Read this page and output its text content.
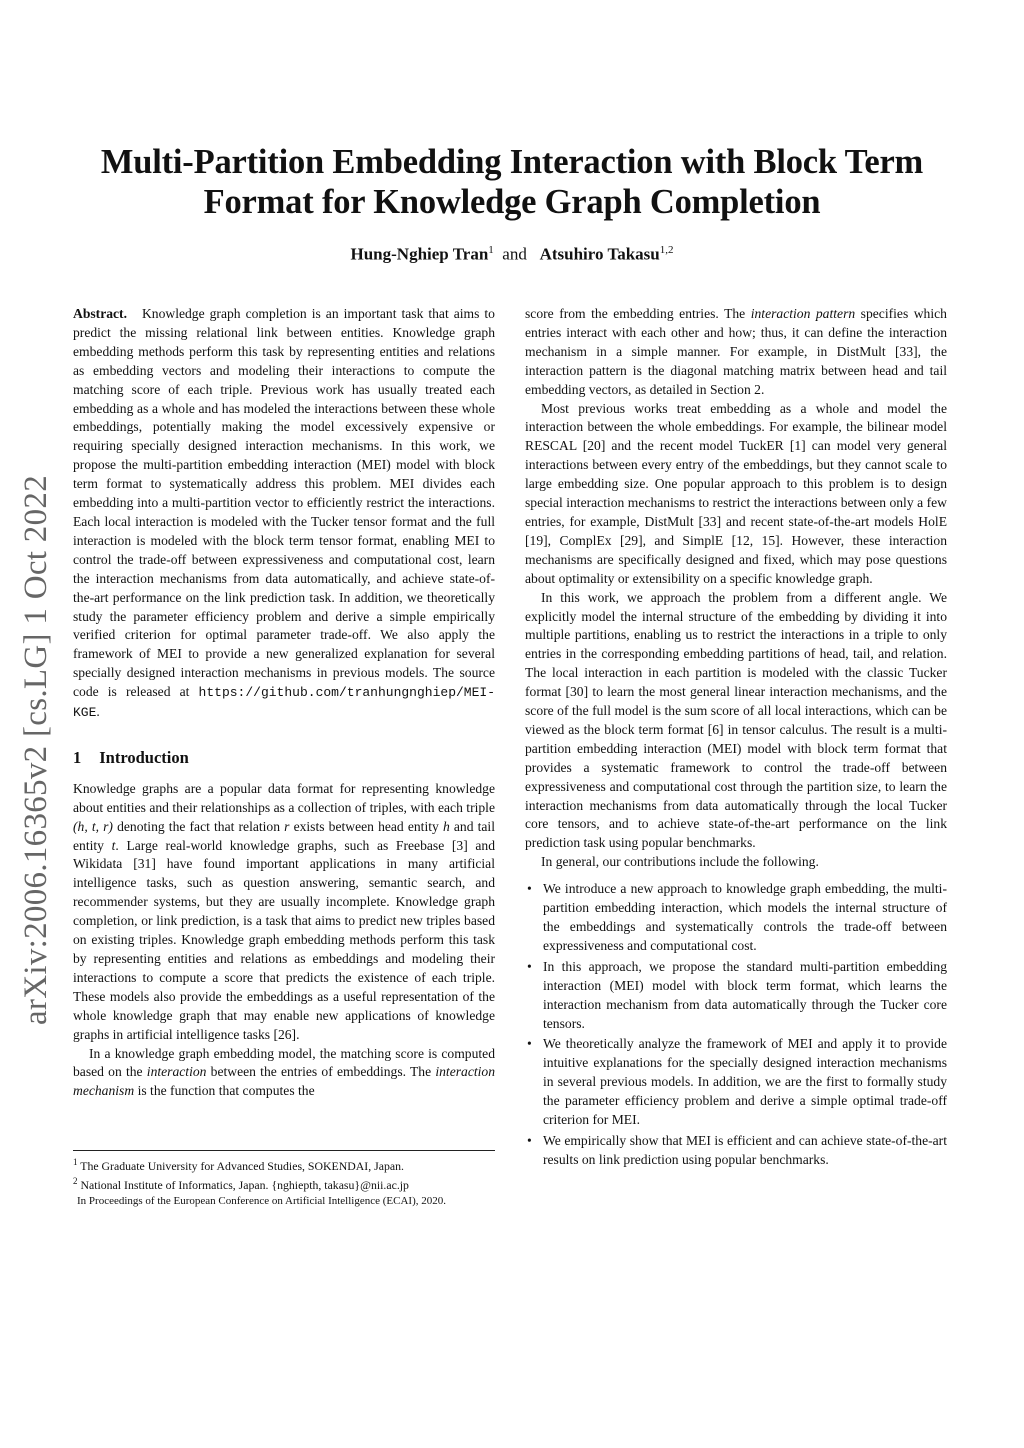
Multi-Partition Embedding Interaction with Block Term
Format for Knowledge Graph Completion
Hung-Nghiep Tran$^1$ and Atsuhiro Takasu$^{1,2}$
arXiv:2006.16365v2 [cs.LG] 1 Oct 2022

Abstract. Knowledge graph completion is an important task that aims to predict the missing relational link between entities. Knowledge graph embedding methods perform this task by representing entities and relations as embedding vectors and modeling their interactions to compute the matching score of each triple. Previous work has usually treated each embedding as a whole and has modeled the interactions between these whole embeddings, potentially making the model excessively expensive or requiring specially designed interaction mechanisms. In this work, we propose the multi-partition embedding interaction (MEI) model with block term format to systematically address this problem. MEI divides each embedding into a multi-partition vector to efficiently restrict the interactions. Each local interaction is modeled with the Tucker tensor format and the full interaction is modeled with the block term tensor format, enabling MEI to control the trade-off between expressiveness and computational cost, learn the interaction mechanisms from data automatically, and achieve state-of-the-art performance on the link prediction task. In addition, we theoretically study the parameter efficiency problem and derive a simple empirically verified criterion for optimal parameter trade-off. We also apply the framework of MEI to provide a new generalized explanation for several specially designed interaction mechanisms in previous models. The source code is released at https://github.com/tranhungnghiep/MEI-KGE.

1 Introduction

Knowledge graphs are a popular data format for representing knowledge about entities and their relationships as a collection of triples, with each triple (h, t, r) denoting the fact that relation r exists between head entity h and tail entity t. Large real-world knowledge graphs, such as Freebase [3] and Wikidata [31] have found important applications in many artificial intelligence tasks, such as question answering, semantic search, and recommender systems, but they are usually incomplete. Knowledge graph completion, or link prediction, is a task that aims to predict new triples based on existing triples. Knowledge graph embedding methods perform this task by representing entities and relations as embeddings and modeling their interactions to compute a score that predicts the existence of each triple. These models also provide the embeddings as a useful representation of the whole knowledge graph that may enable new applications of knowledge graphs in artificial intelligence tasks [26].

In a knowledge graph embedding model, the matching score is computed based on the interaction between the entries of embeddings. The interaction mechanism is the function that computes the

$^1$ The Graduate University for Advanced Studies, SOKENDAI, Japan.
$^2$ National Institute of Informatics, Japan. {nghiepth, takasu}@nii.ac.jp
In Proceedings of the European Conference on Artificial Intelligence (ECAI), 2020.

score from the embedding entries. The interaction pattern specifies which entries interact with each other and how; thus, it can define the interaction mechanism in a simple manner. For example, in DistMult [33], the interaction pattern is the diagonal matching matrix between head and tail embedding vectors, as detailed in Section 2.

Most previous works treat embedding as a whole and model the interaction between the whole embeddings. For example, the bilinear model RESCAL [20] and the recent model TuckER [1] can model very general interactions between every entry of the embeddings, but they cannot scale to large embedding size. One popular approach to this problem is to design special interaction mechanisms to restrict the interactions between only a few entries, for example, DistMult [33] and recent state-of-the-art models HolE [19], ComplEx [29], and SimplE [12, 15]. However, these interaction mechanisms are specifically designed and fixed, which may pose questions about optimality or extensibility on a specific knowledge graph.

In this work, we approach the problem from a different angle. We explicitly model the internal structure of the embedding by dividing it into multiple partitions, enabling us to restrict the interactions in a triple to only entries in the corresponding embedding partitions of head, tail, and relation. The local interaction in each partition is modeled with the classic Tucker format [30] to learn the most general linear interaction mechanisms, and the score of the full model is the sum score of all local interactions, which can be viewed as the block term format [6] in tensor calculus. The result is a multi-partition embedding interaction (MEI) model with block term format that provides a systematic framework to control the trade-off between expressiveness and computational cost through the partition size, to learn the interaction mechanisms from data automatically through the local Tucker core tensors, and to achieve state-of-the-art performance on the link prediction task using popular benchmarks.

In general, our contributions include the following.

• We introduce a new approach to knowledge graph embedding, the multi-partition embedding interaction, which models the internal structure of the embeddings and systematically controls the trade-off between expressiveness and computational cost.
• In this approach, we propose the standard multi-partition embedding interaction (MEI) model with block term format, which learns the interaction mechanism from data automatically through the Tucker core tensors.
• We theoretically analyze the framework of MEI and apply it to provide intuitive explanations for the specially designed interaction mechanisms in several previous models. In addition, we are the first to formally study the parameter efficiency problem and derive a simple optimal trade-off criterion for MEI.
• We empirically show that MEI is efficient and can achieve state-of-the-art results on link prediction using popular benchmarks.
